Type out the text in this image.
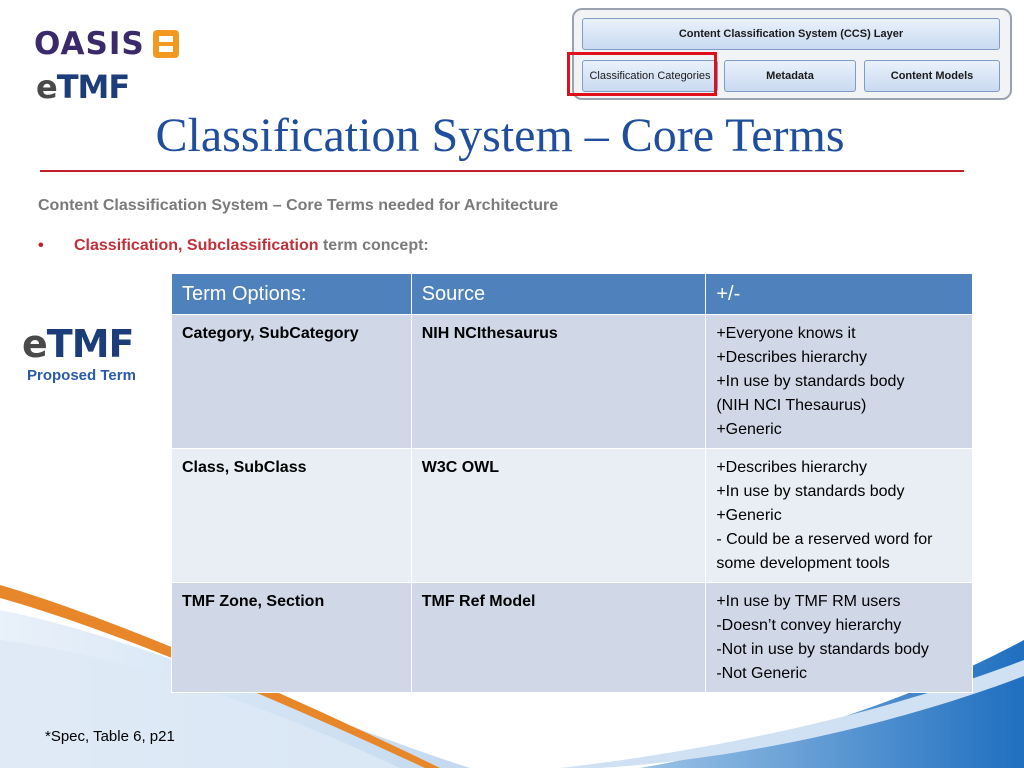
OASIS
eTMF
Content Classification System (CCS) Layer
Classification Categories	Metadata	Content Models
Classification System – Core Terms
Content Classification System – Core Terms needed for Architecture
• Classification, Subclassification term concept:
eTMF
Proposed Term
Term Options:	Source	+/-
Category, SubCategory	NIH NCIthesaurus	+Everyone knows it
+Describes hierarchy
+In use by standards body
(NIH NCI Thesaurus)
+Generic

Class, SubClass	W3C OWL	+Describes hierarchy
+In use by standards body
+Generic
- Could be a reserved word for
some development tools

TMF Zone, Section	TMF Ref Model	+In use by TMF RM users
-Doesn’t convey hierarchy
-Not in use by standards body
-Not Generic
*Spec, Table 6, p21
